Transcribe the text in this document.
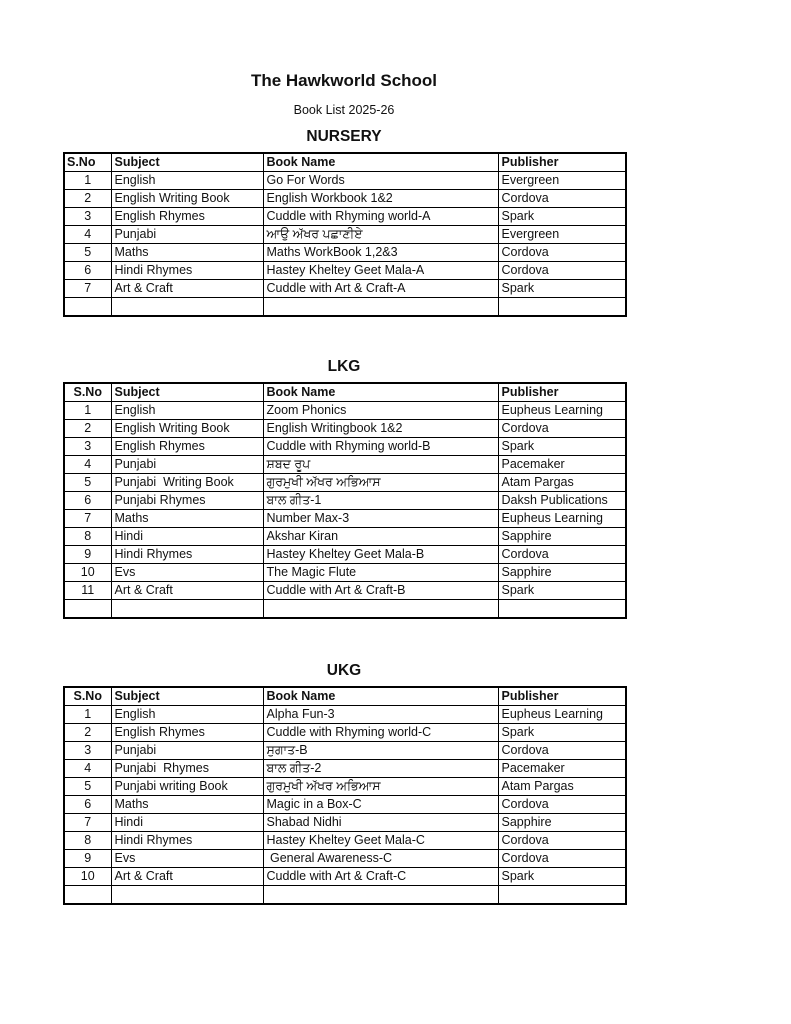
The Hawkworld School
Book List 2025-26
NURSERY
S.No	Subject	Book Name	Publisher
1	English	Go For Words	Evergreen
2	English Writing Book	English Workbook 1&2	Cordova
3	English Rhymes	Cuddle with Rhyming world-A	Spark
4	Punjabi	ਆਉ ਅੱਖਰ ਪਛਾਣੀਏ	Evergreen
5	Maths	Maths WorkBook 1,2&3	Cordova
6	Hindi Rhymes	Hastey Kheltey Geet Mala-A	Cordova
7	Art & Craft	Cuddle with Art & Craft-A	Spark

LKG
S.No	Subject	Book Name	Publisher
1	English	Zoom Phonics	Eupheus Learning
2	English Writing Book	English Writingbook 1&2	Cordova
3	English Rhymes	Cuddle with Rhyming world-B	Spark
4	Punjabi	ਸ਼ਬਦ ਰੂਪ	Pacemaker
5	Punjabi  Writing Book	ਗੁਰਮੁਖੀ ਅੱਖਰ ਅਭਿਆਸ	Atam Pargas
6	Punjabi Rhymes	ਬਾਲ ਗੀਤ-1	Daksh Publications
7	Maths	Number Max-3	Eupheus Learning
8	Hindi	Akshar Kiran	Sapphire
9	Hindi Rhymes	Hastey Kheltey Geet Mala-B	Cordova
10	Evs	The Magic Flute	Sapphire
11	Art & Craft	Cuddle with Art & Craft-B	Spark

UKG
S.No	Subject	Book Name	Publisher
1	English	Alpha Fun-3	Eupheus Learning
2	English Rhymes	Cuddle with Rhyming world-C	Spark
3	Punjabi	ਸੁਗਾਤ-B	Cordova
4	Punjabi  Rhymes	ਬਾਲ ਗੀਤ-2	Pacemaker
5	Punjabi writing Book	ਗੁਰਮੁਖੀ ਅੱਖਰ ਅਭਿਆਸ	Atam Pargas
6	Maths	Magic in a Box-C	Cordova
7	Hindi	Shabad Nidhi	Sapphire
8	Hindi Rhymes	Hastey Kheltey Geet Mala-C	Cordova
9	Evs	General Awareness-C	Cordova
10	Art & Craft	Cuddle with Art & Craft-C	Spark
